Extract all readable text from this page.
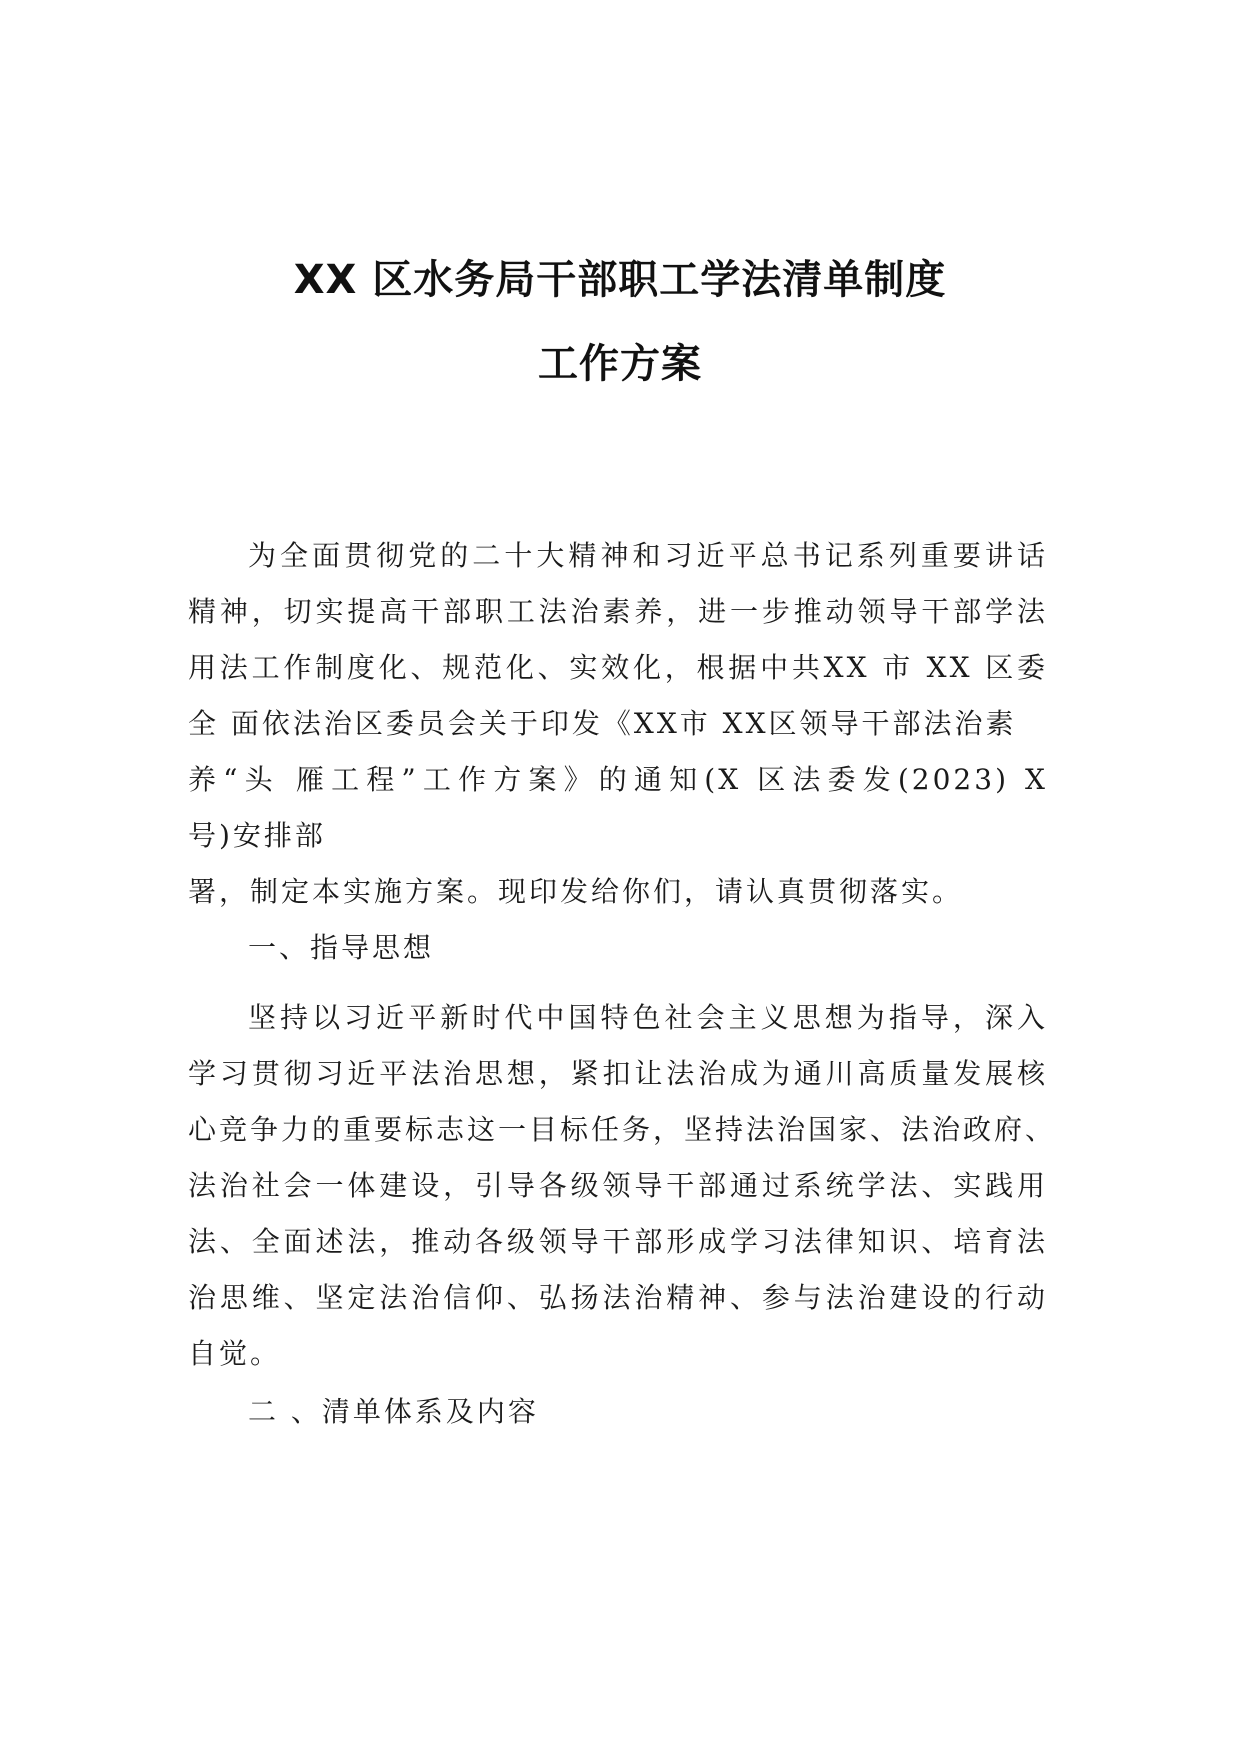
XX 区水务局干部职工学法清单制度
工作方案
为全面贯彻党的二十大精神和习近平总书记系列重要讲话
精神，切实提高干部职工法治素养，进一步推动领导干部学法
用法工作制度化、规范化、实效化，根据中共XX 市 XX 区委
全 面依法治区委员会关于印发《XX市 XX区领导干部法治素
养“头 雁工程”工作方案》的通知(X 区法委发(2023) X
号)安排部
署，制定本实施方案。现印发给你们，请认真贯彻落实。
一、指导思想
坚持以习近平新时代中国特色社会主义思想为指导，深入
学习贯彻习近平法治思想，紧扣让法治成为通川高质量发展核
心竞争力的重要标志这一目标任务，坚持法治国家、法治政府、
法治社会一体建设，引导各级领导干部通过系统学法、实践用
法、全面述法，推动各级领导干部形成学习法律知识、培育法
治思维、坚定法治信仰、弘扬法治精神、参与法治建设的行动
自觉。
二 、清单体系及内容
